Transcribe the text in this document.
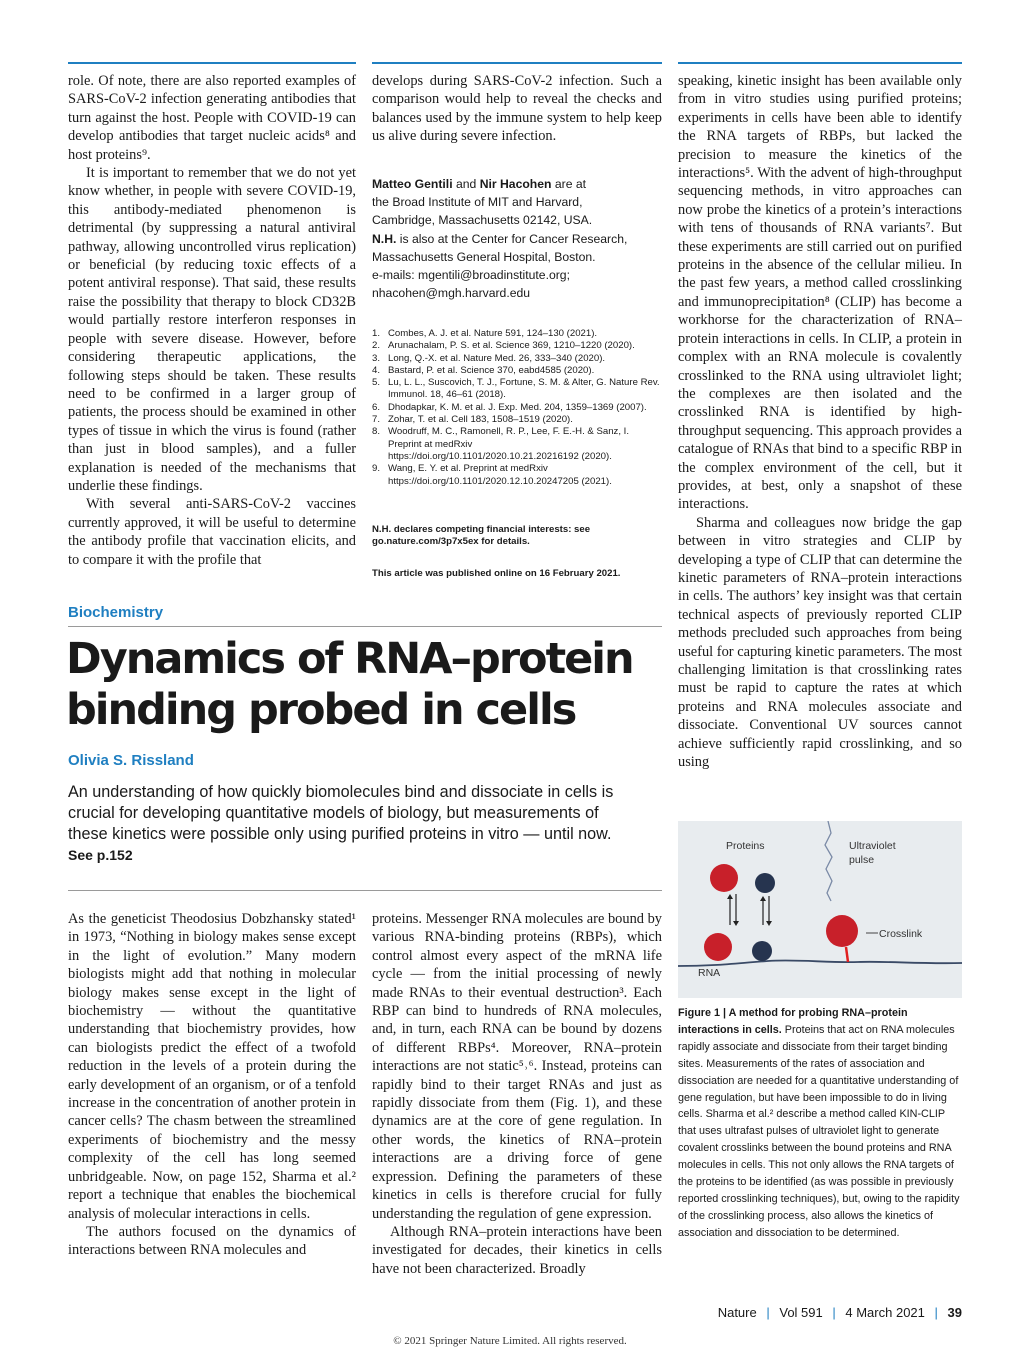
role. Of note, there are also reported examples of SARS-CoV-2 infection generating antibodies that turn against the host. People with COVID-19 can develop antibodies that target nucleic acids⁸ and host proteins⁹.

It is important to remember that we do not yet know whether, in people with severe COVID-19, this antibody-mediated phenomenon is detrimental (by suppressing a natural antiviral pathway, allowing uncontrolled virus replication) or beneficial (by reducing toxic effects of a potent antiviral response). That said, these results raise the possibility that therapy to block CD32B would partially restore interferon responses in people with severe disease. However, before considering therapeutic applications, the following steps should be taken. These results need to be confirmed in a larger group of patients, the process should be examined in other types of tissue in which the virus is found (rather than just in blood samples), and a fuller explanation is needed of the mechanisms that underlie these findings.

With several anti-SARS-CoV-2 vaccines currently approved, it will be useful to determine the antibody profile that vaccination elicits, and to compare it with the profile that

develops during SARS-CoV-2 infection. Such a comparison would help to reveal the checks and balances used by the immune system to help keep us alive during severe infection.

Matteo Gentili and Nir Hacohen are at
the Broad Institute of MIT and Harvard,
Cambridge, Massachusetts 02142, USA.
N.H. is also at the Center for Cancer Research,
Massachusetts General Hospital, Boston.
e-mails: mgentili@broadinstitute.org;
nhacohen@mgh.harvard.edu
1. Combes, A. J. et al. Nature 591, 124–130 (2021).
2. Arunachalam, P. S. et al. Science 369, 1210–1220 (2020).
3. Long, Q.-X. et al. Nature Med. 26, 333–340 (2020).
4. Bastard, P. et al. Science 370, eabd4585 (2020).
5. Lu, L. L., Suscovich, T. J., Fortune, S. M. & Alter, G. Nature Rev. Immunol. 18, 46–61 (2018).
6. Dhodapkar, K. M. et al. J. Exp. Med. 204, 1359–1369 (2007).
7. Zohar, T. et al. Cell 183, 1508–1519 (2020).
8. Woodruff, M. C., Ramonell, R. P., Lee, F. E.-H. & Sanz, I. Preprint at medRxiv https://doi.org/10.1101/2020.10.21.20216192 (2020).
9. Wang, E. Y. et al. Preprint at medRxiv https://doi.org/10.1101/2020.12.10.20247205 (2021).
N.H. declares competing financial interests: see go.nature.com/3p7x5ex for details.
This article was published online on 16 February 2021.

speaking, kinetic insight has been available only from in vitro studies using purified proteins; experiments in cells have been able to identify the RNA targets of RBPs, but lacked the precision to measure the kinetics of the interactions⁵. With the advent of high-throughput sequencing methods, in vitro approaches can now probe the kinetics of a protein’s interactions with tens of thousands of RNA variants⁷. But these experiments are still carried out on purified proteins in the absence of the cellular milieu. In the past few years, a method called crosslinking and immunoprecipitation⁸ (CLIP) has become a workhorse for the characterization of RNA–protein interactions in cells. In CLIP, a protein in complex with an RNA molecule is covalently crosslinked to the RNA using ultraviolet light; the complexes are then isolated and the crosslinked RNA is identified by high-throughput sequencing. This approach provides a catalogue of RNAs that bind to a specific RBP in the complex environment of the cell, but it provides, at best, only a snapshot of these interactions.

Sharma and colleagues now bridge the gap between in vitro strategies and CLIP by developing a type of CLIP that can determine the kinetic parameters of RNA–protein interactions in cells. The authors’ key insight was that certain technical aspects of previously reported CLIP methods precluded such approaches from being useful for capturing kinetic parameters. The most challenging limitation is that crosslinking rates must be rapid to capture the rates at which proteins and RNA molecules associate and dissociate. Conventional UV sources cannot achieve sufficiently rapid crosslinking, and so using

Biochemistry
Dynamics of RNA–protein
binding probed in cells
Olivia S. Rissland
An understanding of how quickly biomolecules bind and dissociate in cells is crucial for developing quantitative models of biology, but measurements of these kinetics were possible only using purified proteins in vitro — until now. See p.152

As the geneticist Theodosius Dobzhansky stated¹ in 1973, “Nothing in biology makes sense except in the light of evolution.” Many modern biologists might add that nothing in molecular biology makes sense except in the light of biochemistry — without the quantitative understanding that biochemistry provides, how can biologists predict the effect of a twofold reduction in the levels of a protein during the early development of an organism, or of a tenfold increase in the concentration of another protein in cancer cells? The chasm between the streamlined experiments of biochemistry and the messy complexity of the cell has long seemed unbridgeable. Now, on page 152, Sharma et al.² report a technique that enables the biochemical analysis of molecular interactions in cells.

The authors focused on the dynamics of interactions between RNA molecules and

proteins. Messenger RNA molecules are bound by various RNA-binding proteins (RBPs), which control almost every aspect of the mRNA life cycle — from the initial processing of newly made RNAs to their eventual destruction³. Each RBP can bind to hundreds of RNA molecules, and, in turn, each RNA can be bound by dozens of different RBPs⁴. Moreover, RNA–protein interactions are not static⁵˒⁶. Instead, proteins can rapidly bind to their target RNAs and just as rapidly dissociate from them (Fig. 1), and these dynamics are at the core of gene regulation. In other words, the kinetics of RNA–protein interactions are a driving force of gene expression. Defining the parameters of these kinetics in cells is therefore crucial for fully understanding the regulation of gene expression.

Although RNA–protein interactions have been investigated for decades, their kinetics in cells have not been characterized. Broadly

Proteins	Ultraviolet
pulse
Crosslink
RNA
Figure 1 | A method for probing RNA–protein interactions in cells. Proteins that act on RNA molecules rapidly associate and dissociate from their target binding sites. Measurements of the rates of association and dissociation are needed for a quantitative understanding of gene regulation, but have been impossible to do in living cells. Sharma et al.² describe a method called KIN-CLIP that uses ultrafast pulses of ultraviolet light to generate covalent crosslinks between the bound proteins and RNA molecules in cells. This not only allows the RNA targets of the proteins to be identified (as was possible in previously reported crosslinking techniques), but, owing to the rapidity of the crosslinking process, also allows the kinetics of association and dissociation to be determined.
Nature | Vol 591 | 4 March 2021 | 39
© 2021 Springer Nature Limited. All rights reserved.
